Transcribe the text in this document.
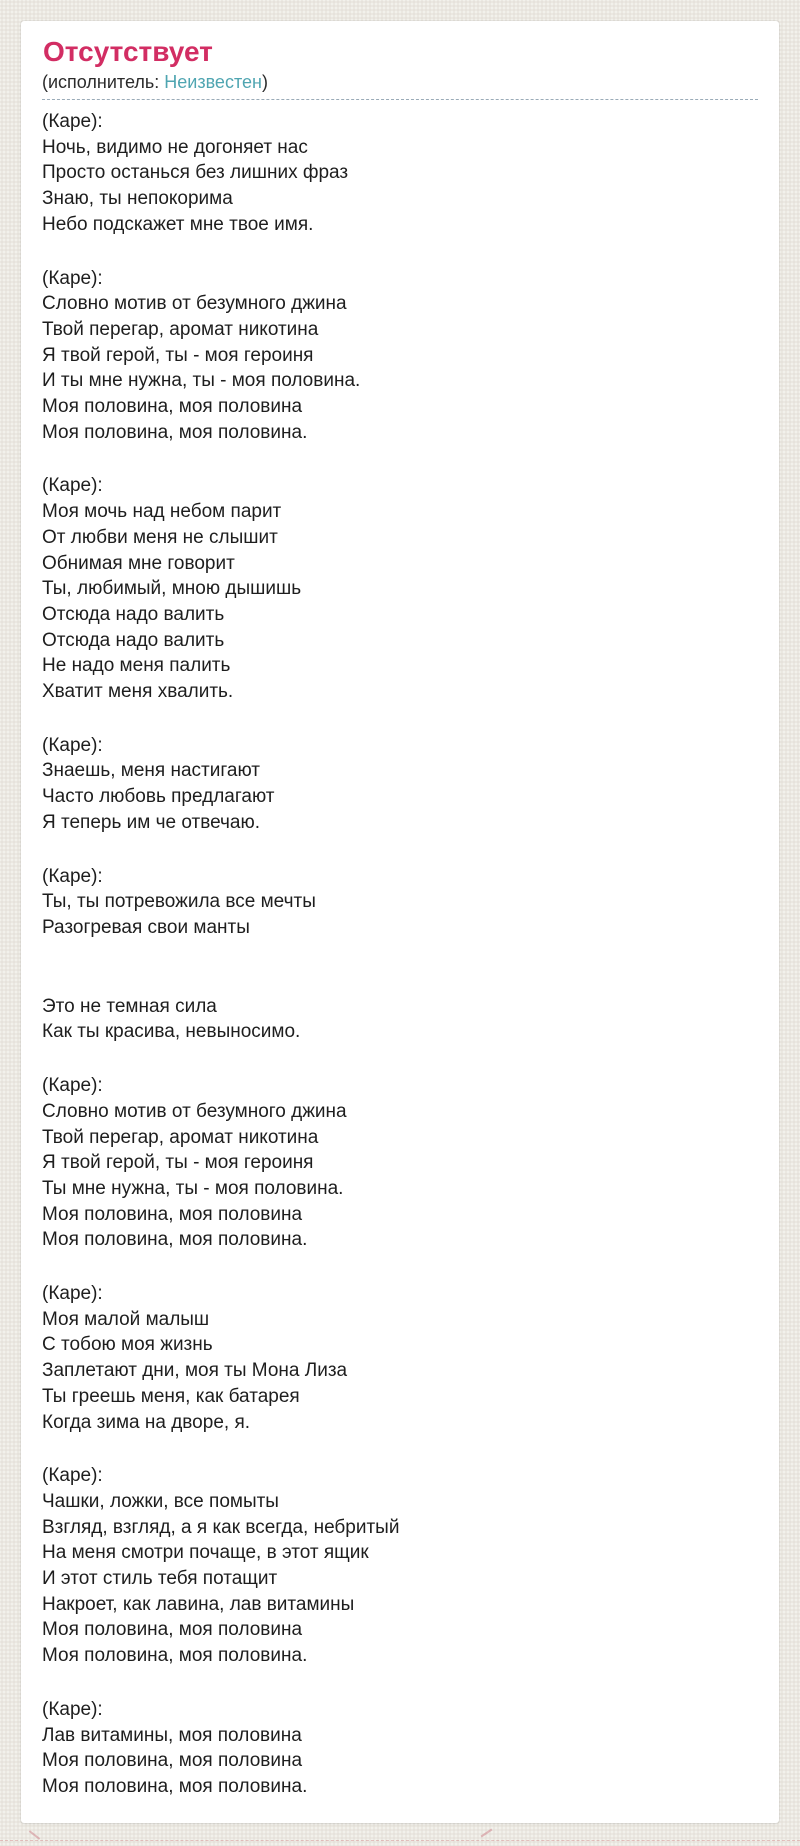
Отсутствует
(исполнитель: Неизвестен)

(Каре):
Ночь, видимо не догоняет нас
Просто останься без лишних фраз
Знаю, ты непокорима
Небо подскажет мне твое имя.

(Каре):
Словно мотив от безумного джина
Твой перегар, аромат никотина
Я твой герой, ты - моя героиня
И ты мне нужна, ты - моя половина.
Моя половина, моя половина
Моя половина, моя половина.

(Каре):
Моя мочь над небом парит
От любви меня не слышит
Обнимая мне говорит
Ты, любимый, мною дышишь
Отсюда надо валить
Отсюда надо валить
Не надо меня палить
Хватит меня хвалить.

(Каре):
Знаешь, меня настигают
Часто любовь предлагают
Я теперь им че отвечаю.

(Каре):
Ты, ты потревожила все мечты
Разогревая свои манты

Это не темная сила
Как ты красива, невыносимо.

(Каре):
Словно мотив от безумного джина
Твой перегар, аромат никотина
Я твой герой, ты - моя героиня
Ты мне нужна, ты - моя половина.
Моя половина, моя половина
Моя половина, моя половина.

(Каре):
Моя малой малыш
С тобою моя жизнь
Заплетают дни, моя ты Мона Лиза
Ты греешь меня, как батарея
Когда зима на дворе, я.

(Каре):
Чашки, ложки, все помыты
Взгляд, взгляд, а я как всегда, небритый
На меня смотри почаще, в этот ящик
И этот стиль тебя потащит
Накроет, как лавина, лав витамины
Моя половина, моя половина
Моя половина, моя половина.

(Каре):
Лав витамины, моя половина
Моя половина, моя половина
Моя половина, моя половина.
